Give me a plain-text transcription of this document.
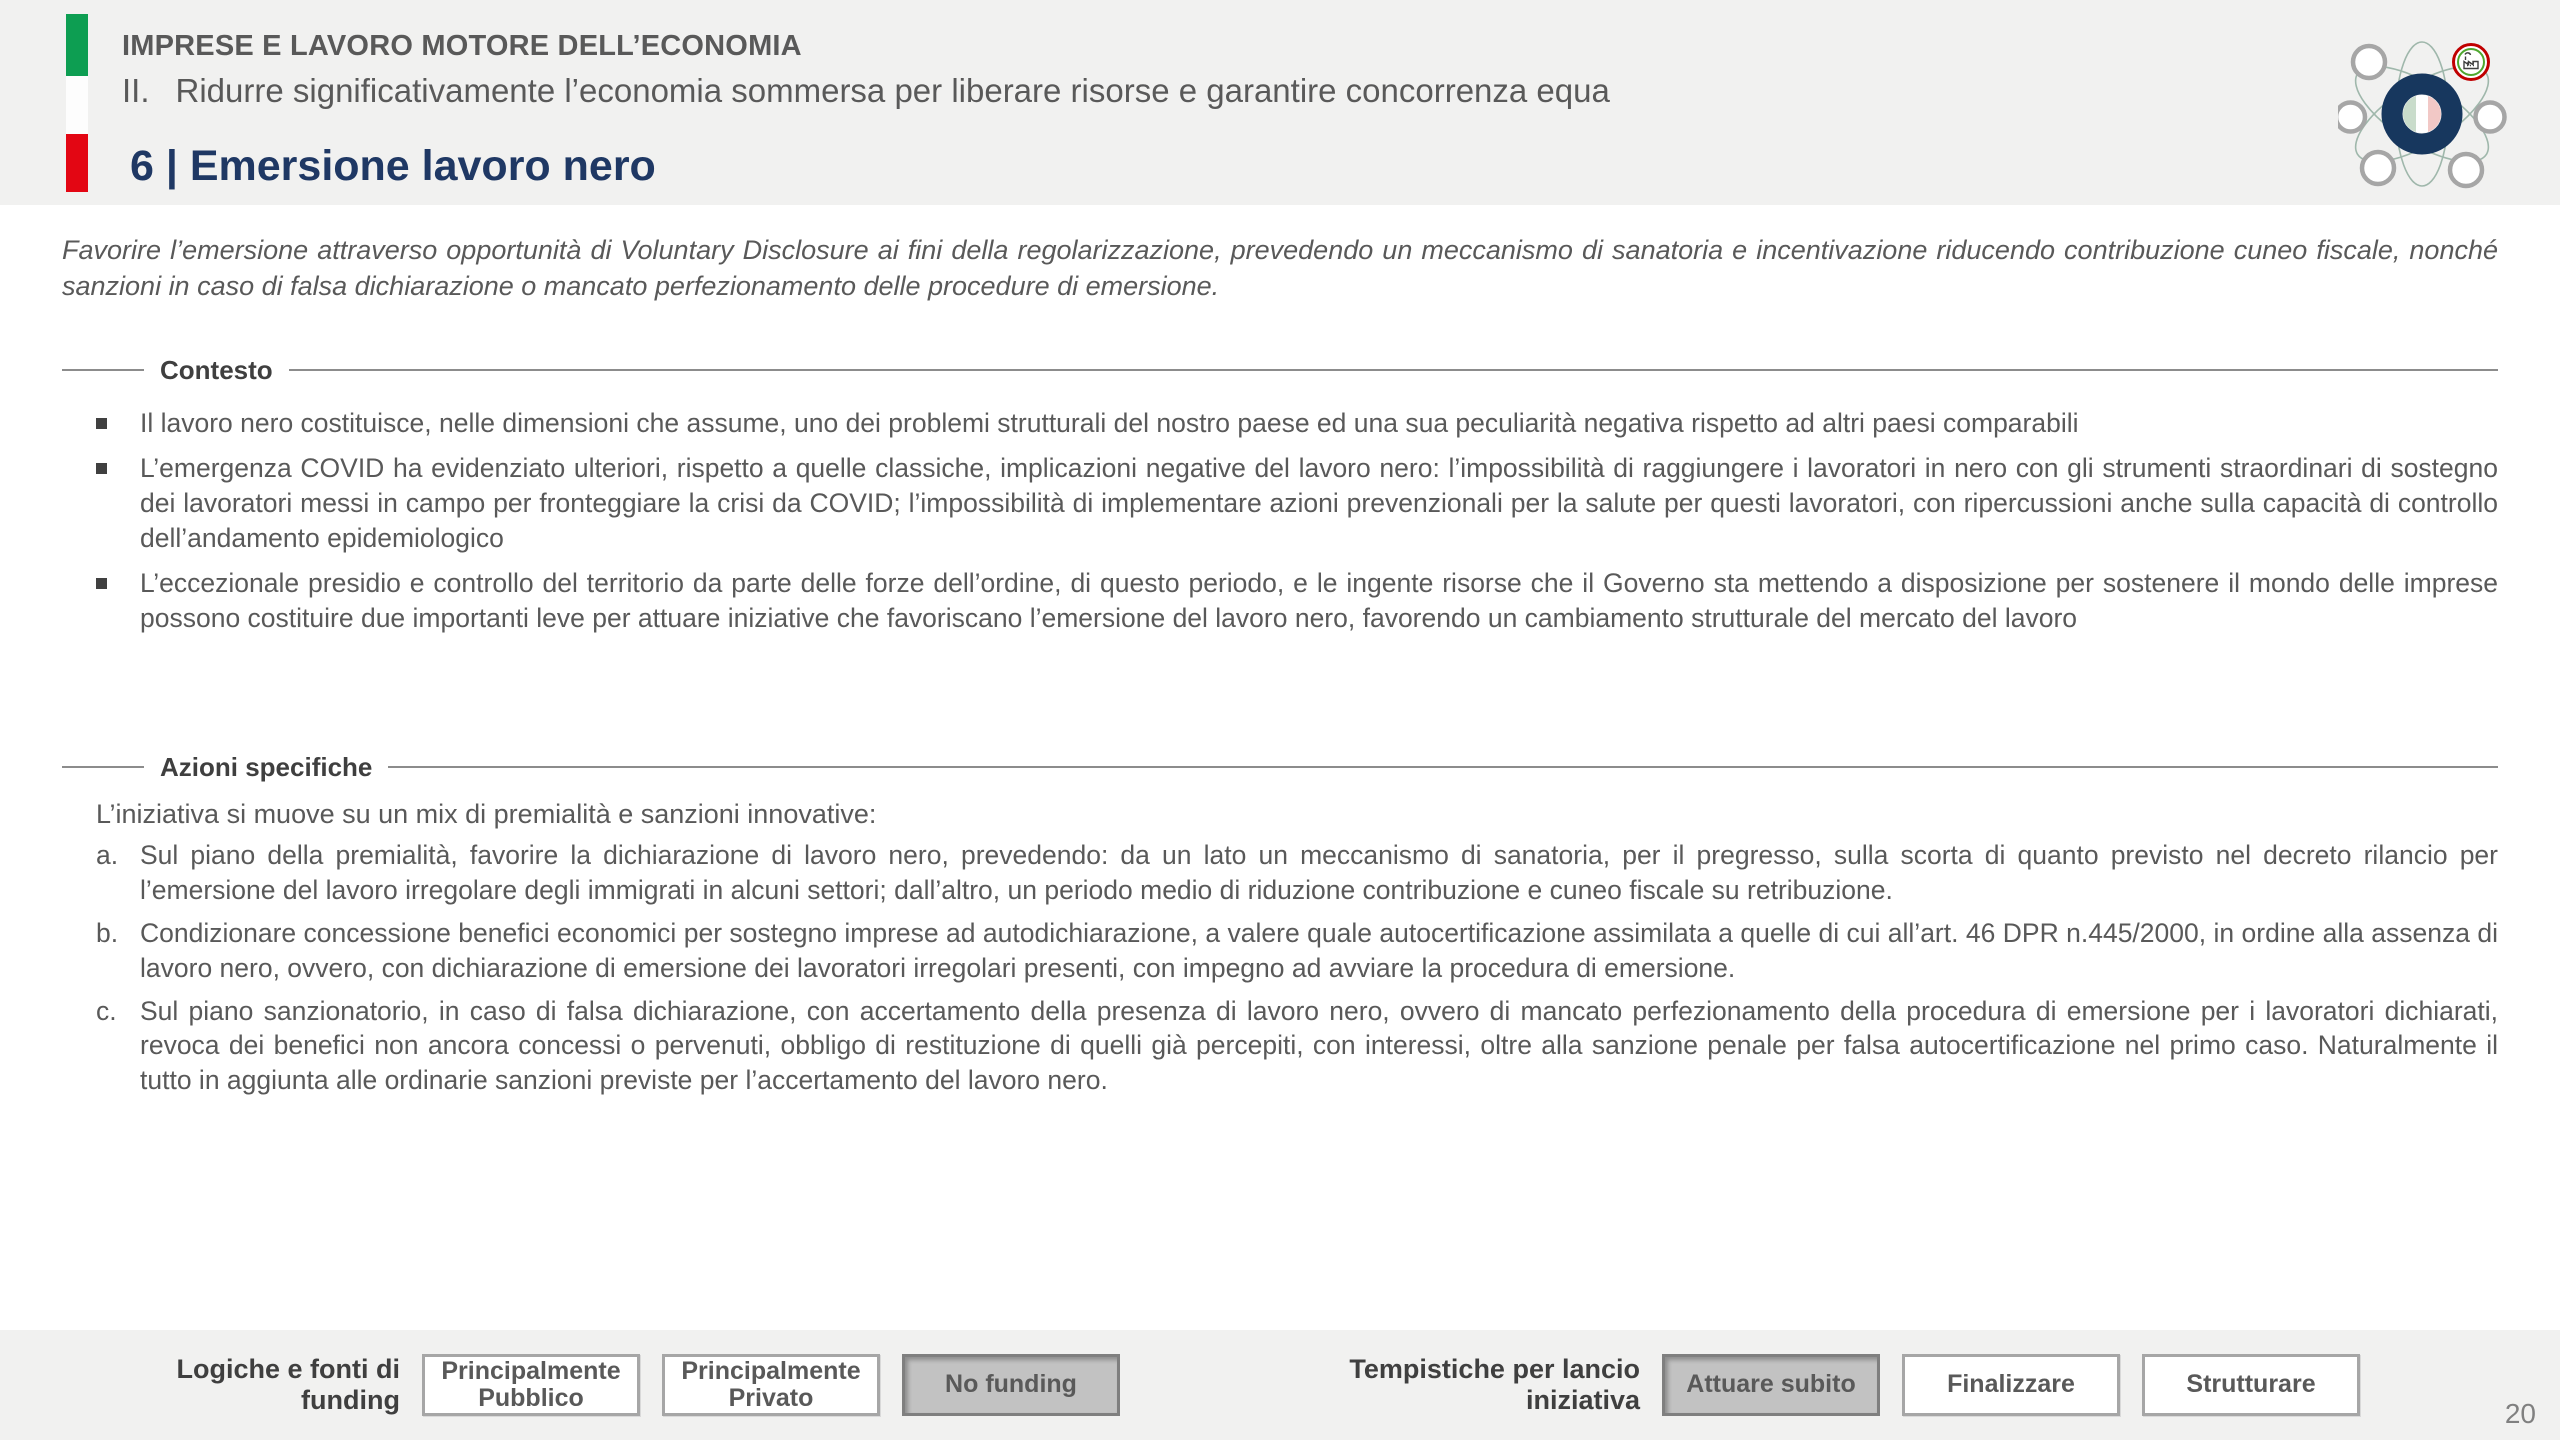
IMPRESE E LAVORO MOTORE DELL’ECONOMIA
II. Ridurre significativamente l’economia sommersa per liberare risorse e garantire concorrenza equa
6 | Emersione lavoro nero

Favorire l’emersione attraverso opportunità di Voluntary Disclosure ai fini della regolarizzazione, prevedendo un meccanismo di sanatoria e incentivazione riducendo contribuzione cuneo fiscale, nonché sanzioni in caso di falsa dichiarazione o mancato perfezionamento delle procedure di emersione.

Contesto

Il lavoro nero costituisce, nelle dimensioni che assume, uno dei problemi strutturali del nostro paese ed una sua peculiarità negativa rispetto ad altri paesi comparabili

L’emergenza COVID ha evidenziato ulteriori, rispetto a quelle classiche, implicazioni negative del lavoro nero: l’impossibilità di raggiungere i lavoratori in nero con gli strumenti straordinari di sostegno dei lavoratori messi in campo per fronteggiare la crisi da COVID; l’impossibilità di implementare azioni prevenzionali per la salute per questi lavoratori, con ripercussioni anche sulla capacità di controllo dell’andamento epidemiologico

L’eccezionale presidio e controllo del territorio da parte delle forze dell’ordine, di questo periodo, e le ingente risorse che il Governo sta mettendo a disposizione per sostenere il mondo delle imprese possono costituire due importanti leve per attuare iniziative che favoriscano l’emersione del lavoro nero, favorendo un cambiamento strutturale del mercato del lavoro

Azioni specifiche

L’iniziativa si muove su un mix di premialità e sanzioni innovative:

a. Sul piano della premialità, favorire la dichiarazione di lavoro nero, prevedendo: da un lato un meccanismo di sanatoria, per il pregresso, sulla scorta di quanto previsto nel decreto rilancio per l’emersione del lavoro irregolare degli immigrati in alcuni settori; dall’altro, un periodo medio di riduzione contribuzione e cuneo fiscale su retribuzione.

b. Condizionare concessione benefici economici per sostegno imprese ad autodichiarazione, a valere quale autocertificazione assimilata a quelle di cui all’art. 46 DPR n.445/2000, in ordine alla assenza di lavoro nero, ovvero, con dichiarazione di emersione dei lavoratori irregolari presenti, con impegno ad avviare la procedura di emersione.

c. Sul piano sanzionatorio, in caso di falsa dichiarazione, con accertamento della presenza di lavoro nero, ovvero di mancato perfezionamento della procedura di emersione per i lavoratori dichiarati, revoca dei benefici non ancora concessi o pervenuti, obbligo di restituzione di quelli già percepiti, con interessi, oltre alla sanzione penale per falsa autocertificazione nel primo caso. Naturalmente il tutto in aggiunta alle ordinarie sanzioni previste per l’accertamento del lavoro nero.

Logiche e fonti di funding
Principalmente Pubblico
Principalmente Privato	No funding
Tempistiche per lancio iniziativa
Attuare subito	Finalizzare	Strutturare
20
